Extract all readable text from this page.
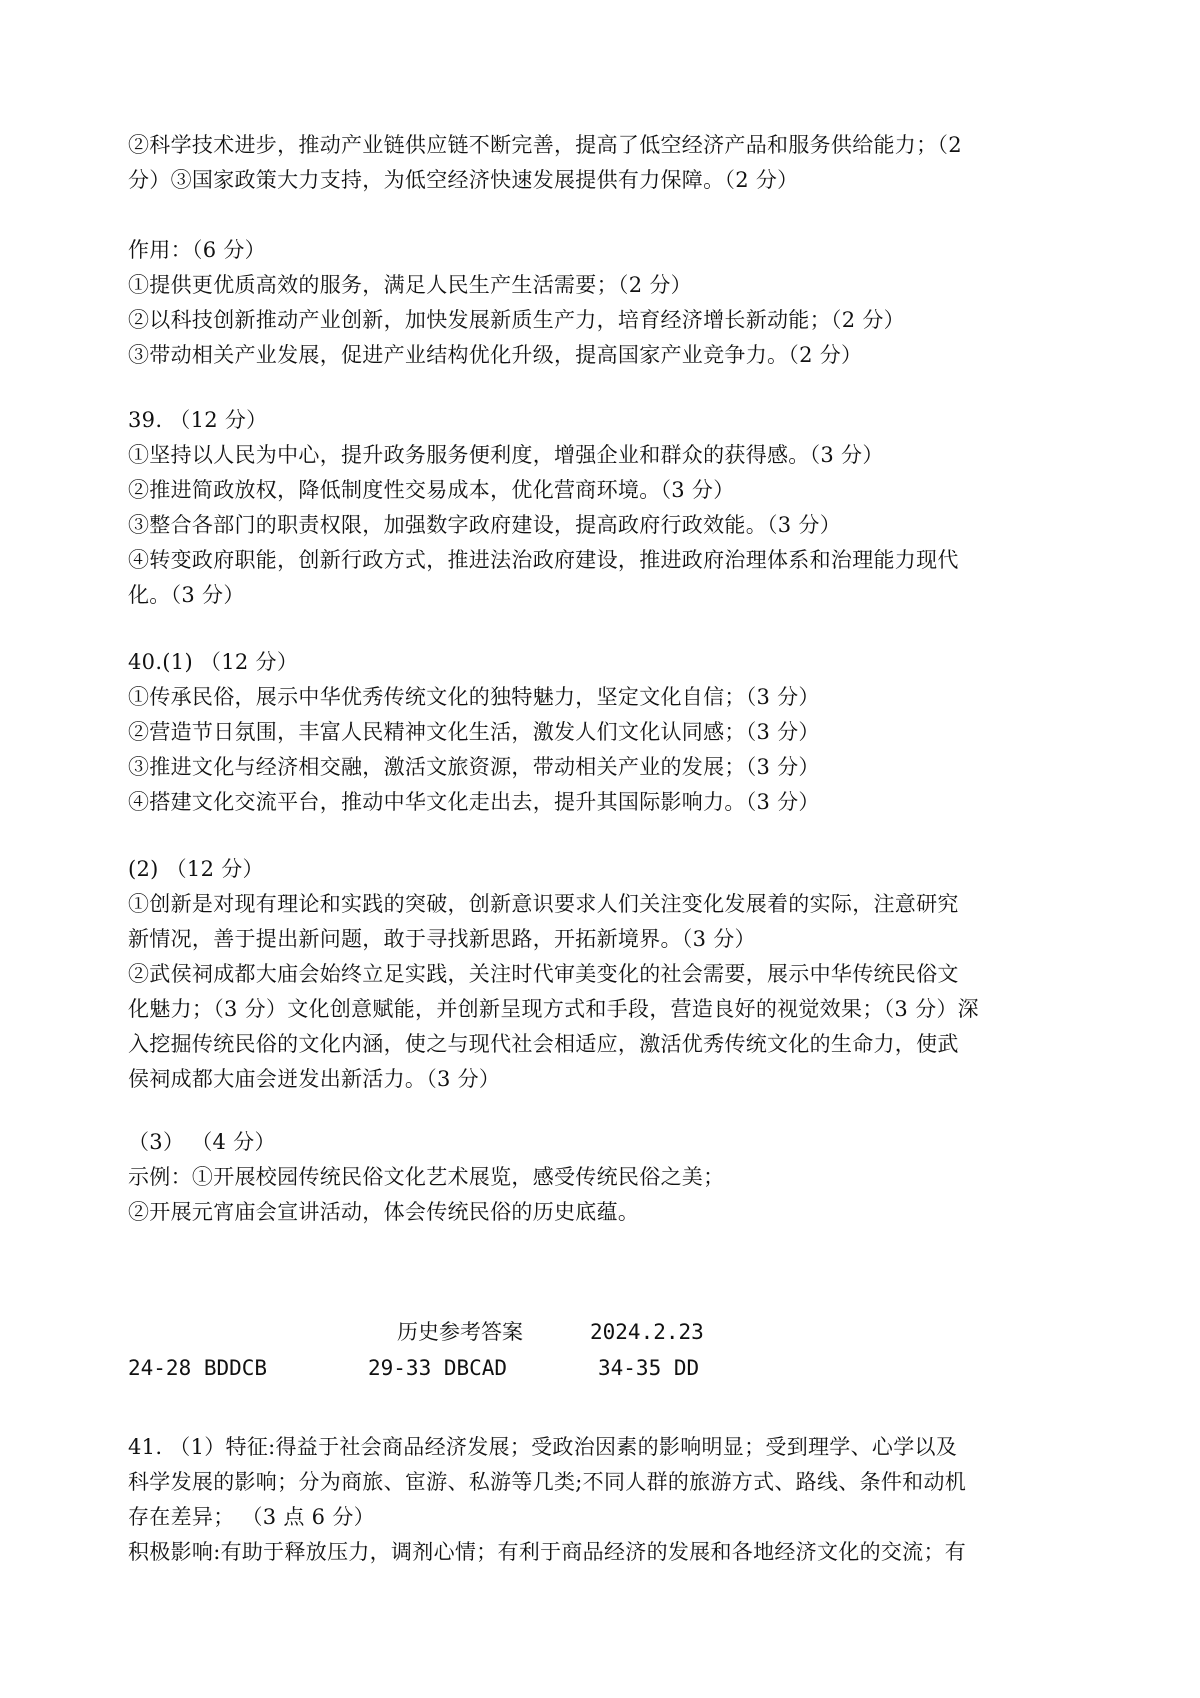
②科学技术进步，推动产业链供应链不断完善，提高了低空经济产品和服务供给能力；（2
分）③国家政策大力支持，为低空经济快速发展提供有力保障。（2 分）
作用：（6 分）
①提供更优质高效的服务，满足人民生产生活需要；（2 分）
②以科技创新推动产业创新，加快发展新质生产力，培育经济增长新动能；（2 分）
③带动相关产业发展，促进产业结构优化升级，提高国家产业竞争力。（2 分）
39. （12 分）
①坚持以人民为中心，提升政务服务便利度，增强企业和群众的获得感。（3 分）
②推进简政放权，降低制度性交易成本，优化营商环境。（3 分）
③整合各部门的职责权限，加强数字政府建设，提高政府行政效能。（3 分）
④转变政府职能，创新行政方式，推进法治政府建设，推进政府治理体系和治理能力现代
化。（3 分）
40.(1) （12 分）
①传承民俗，展示中华优秀传统文化的独特魅力，坚定文化自信；（3 分）
②营造节日氛围，丰富人民精神文化生活，激发人们文化认同感；（3 分）
③推进文化与经济相交融，激活文旅资源，带动相关产业的发展；（3 分）
④搭建文化交流平台，推动中华文化走出去，提升其国际影响力。（3 分）
(2) （12 分）
①创新是对现有理论和实践的突破，创新意识要求人们关注变化发展着的实际，注意研究
新情况，善于提出新问题，敢于寻找新思路，开拓新境界。（3 分）
②武侯祠成都大庙会始终立足实践，关注时代审美变化的社会需要，展示中华传统民俗文
化魅力；（3 分）文化创意赋能，并创新呈现方式和手段，营造良好的视觉效果；（3 分）深
入挖掘传统民俗的文化内涵，使之与现代社会相适应，激活优秀传统文化的生命力，使武
侯祠成都大庙会迸发出新活力。（3 分）
（3） （4 分）
示例：①开展校园传统民俗文化艺术展览，感受传统民俗之美；
②开展元宵庙会宣讲活动，体会传统民俗的历史底蕴。
历史参考答案	2024.2.23
24-28 BDDCB	29-33 DBCAD	34-35 DD
41. （1）特征:得益于社会商品经济发展；受政治因素的影响明显；受到理学、心学以及
科学发展的影响；分为商旅、宦游、私游等几类;不同人群的旅游方式、路线、条件和动机
存在差异； （3 点 6 分）
积极影响:有助于释放压力，调剂心情；有利于商品经济的发展和各地经济文化的交流；有
